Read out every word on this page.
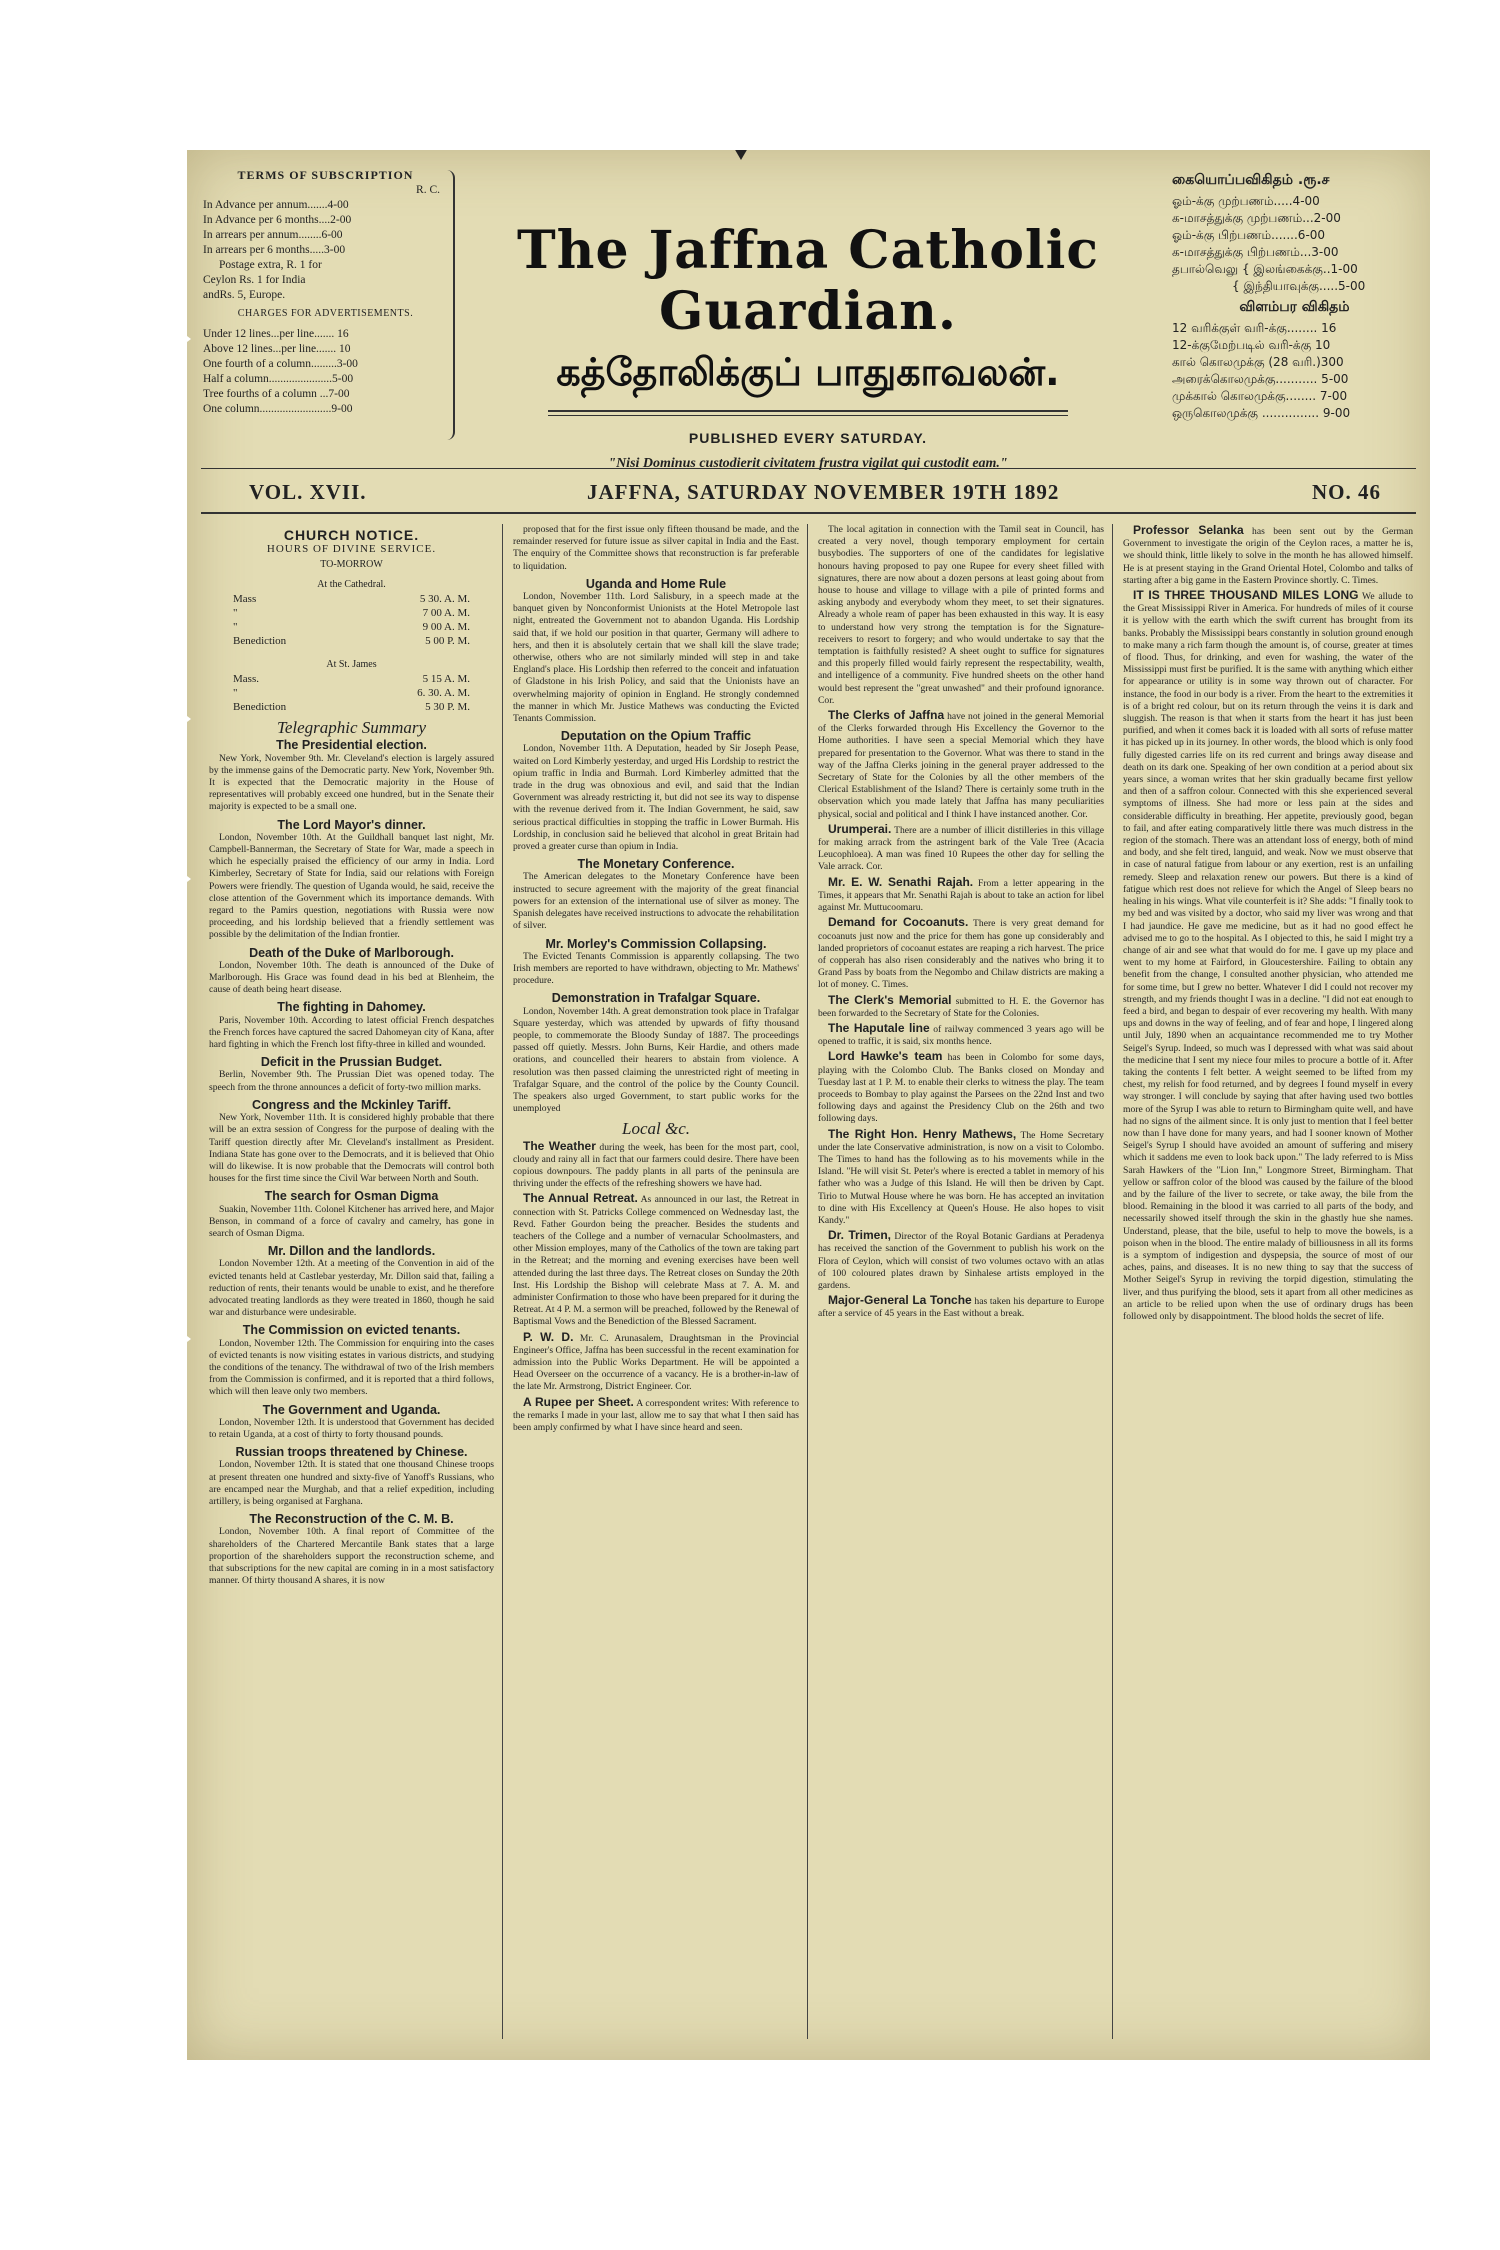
TERMS OF SUBSCRIPTION
R. C.
In Advance per annum.......4-00
In Advance per 6 months....2-00
In arrears per annum........6-00
In arrears per 6 months.....3-00
Postage extra, R. 1 for
Ceylon Rs. 1 for India
andRs. 5, Europe.
CHARGES FOR ADVERTISEMENTS.
Under 12 lines...per line....... 16
Above 12 lines...per line....... 10
One fourth of a column.........3-00
Half a column......................5-00
Tree fourths of a column ...7-00
One column.........................9-00
The Jaffna Catholic Guardian.
கத்தோலிக்குப் பாதுகாவலன்.
PUBLISHED EVERY SATURDAY.
"Nisi Dominus custodierit civitatem frustra vigilat qui custodit eam."
கையொப்பவிகிதம் .ரூ.ச
ஓம்-க்கு முற்பணம்.....4-00
க-மாசத்துக்கு முற்பணம்...2-00
ஓம்-க்கு பிற்பணம்.......6-00
க-மாசத்துக்கு பிற்பணம்...3-00
தபால்வெலு { இலங்கைக்கு..1-00
{ இந்தியாவுக்கு.....5-00
விளம்பர விகிதம்
12 வரிக்குள் வரி-க்கு........ 16
12-க்குமேற்படில் வரி-க்கு 10
கால் கொலமுக்கு (28 வரி.)300
அரைக்கொலமுக்கு........... 5-00
முக்கால் கொலமுக்கு........ 7-00
ஒருகொலமுக்கு ............... 9-00
VOL. XVII.	JAFFNA, SATURDAY NOVEMBER 19TH 1892	NO. 46
CHURCH NOTICE.
HOURS OF DIVINE SERVICE.
TO-MORROW
At the Cathedral.
Mass	5 30. A. M.
"	7 00 A. M.
"	9 00 A. M.
Benediction	5 00 P. M.
At St. James
Mass.	5 15 A. M.
"	6. 30. A. M.
Benediction	5 30 P. M.
Telegraphic Summary
The Presidential election.

New York, November 9th. Mr. Cleveland's election is largely assured by the immense gains of the Democratic party. New York, November 9th. It is expected that the Democratic majority in the House of representatives will probably exceed one hundred, but in the Senate their majority is expected to be a small one.

The Lord Mayor's dinner.

London, November 10th. At the Guildhall banquet last night, Mr. Campbell-Bannerman, the Secretary of State for War, made a speech in which he especially praised the efficiency of our army in India. Lord Kimberley, Secretary of State for India, said our relations with Foreign Powers were friendly. The question of Uganda would, he said, receive the close attention of the Government which its importance demands. With regard to the Pamirs question, negotiations with Russia were now proceeding, and his lordship believed that a friendly settlement was possible by the delimitation of the Indian frontier.

Death of the Duke of Marlborough.

London, November 10th. The death is announced of the Duke of Marlborough. His Grace was found dead in his bed at Blenheim, the cause of death being heart disease.

The fighting in Dahomey.

Paris, November 10th. According to latest official French despatches the French forces have captured the sacred Dahomeyan city of Kana, after hard fighting in which the French lost fifty-three in killed and wounded.

Deficit in the Prussian Budget.

Berlin, November 9th. The Prussian Diet was opened today. The speech from the throne announces a deficit of forty-two million marks.

Congress and the Mckinley Tariff.

New York, November 11th. It is considered highly probable that there will be an extra session of Congress for the purpose of dealing with the Tariff question directly after Mr. Cleveland's installment as President. Indiana State has gone over to the Democrats, and it is believed that Ohio will do likewise. It is now probable that the Democrats will control both houses for the first time since the Civil War between North and South.

The search for Osman Digma

Suakin, November 11th. Colonel Kitchener has arrived here, and Major Benson, in command of a force of cavalry and camelry, has gone in search of Osman Digma.

Mr. Dillon and the landlords.

London November 12th. At a meeting of the Convention in aid of the evicted tenants held at Castlebar yesterday, Mr. Dillon said that, failing a reduction of rents, their tenants would be unable to exist, and he therefore advocated treating landlords as they were treated in 1860, though he said war and disturbance were undesirable.

The Commission on evicted tenants.

London, November 12th. The Commission for enquiring into the cases of evicted tenants is now visiting estates in various districts, and studying the conditions of the tenancy. The withdrawal of two of the Irish members from the Commission is confirmed, and it is reported that a third follows, which will then leave only two members.

The Government and Uganda.

London, November 12th. It is understood that Government has decided to retain Uganda, at a cost of thirty to forty thousand pounds.

Russian troops threatened by Chinese.

London, November 12th. It is stated that one thousand Chinese troops at present threaten one hundred and sixty-five of Yanoff's Russians, who are encamped near the Murghab, and that a relief expedition, including artillery, is being organised at Farghana.

The Reconstruction of the C. M. B.

London, November 10th. A final report of Committee of the shareholders of the Chartered Mercantile Bank states that a large proportion of the shareholders support the reconstruction scheme, and that subscriptions for the new capital are coming in in a most satisfactory manner. Of thirty thousand A shares, it is now

proposed that for the first issue only fifteen thousand be made, and the remainder reserved for future issue as silver capital in India and the East. The enquiry of the Committee shows that reconstruction is far preferable to liquidation.

Uganda and Home Rule

London, November 11th. Lord Salisbury, in a speech made at the banquet given by Nonconformist Unionists at the Hotel Metropole last night, entreated the Government not to abandon Uganda. His Lordship said that, if we hold our position in that quarter, Germany will adhere to hers, and then it is absolutely certain that we shall kill the slave trade; otherwise, others who are not similarly minded will step in and take England's place. His Lordship then referred to the conceit and infatuation of Gladstone in his Irish Policy, and said that the Unionists have an overwhelming majority of opinion in England. He strongly condemned the manner in which Mr. Justice Mathews was conducting the Evicted Tenants Commission.

Deputation on the Opium Traffic

London, November 11th. A Deputation, headed by Sir Joseph Pease, waited on Lord Kimberly yesterday, and urged His Lordship to restrict the opium traffic in India and Burmah. Lord Kimberley admitted that the trade in the drug was obnoxious and evil, and said that the Indian Government was already restricting it, but did not see its way to dispense with the revenue derived from it. The Indian Government, he said, saw serious practical difficulties in stopping the traffic in Lower Burmah. His Lordship, in conclusion said he believed that alcohol in great Britain had proved a greater curse than opium in India.

The Monetary Conference.

The American delegates to the Monetary Conference have been instructed to secure agreement with the majority of the great financial powers for an extension of the international use of silver as money. The Spanish delegates have received instructions to advocate the rehabilitation of silver.

Mr. Morley's Commission Collapsing.

The Evicted Tenants Commission is apparently collapsing. The two Irish members are reported to have withdrawn, objecting to Mr. Mathews' procedure.

Demonstration in Trafalgar Square.

London, November 14th. A great demonstration took place in Trafalgar Square yesterday, which was attended by upwards of fifty thousand people, to commemorate the Bloody Sunday of 1887. The proceedings passed off quietly. Messrs. John Burns, Keir Hardie, and others made orations, and councelled their hearers to abstain from violence. A resolution was then passed claiming the unrestricted right of meeting in Trafalgar Square, and the control of the police by the County Council. The speakers also urged Government, to start public works for the unemployed

Local &c.

The Weather during the week, has been for the most part, cool, cloudy and rainy all in fact that our farmers could desire. There have been copious downpours. The paddy plants in all parts of the peninsula are thriving under the effects of the refreshing showers we have had.

The Annual Retreat. As announced in our last, the Retreat in connection with St. Patricks College commenced on Wednesday last, the Revd. Father Gourdon being the preacher. Besides the students and teachers of the College and a number of vernacular Schoolmasters, and other Mission employes, many of the Catholics of the town are taking part in the Retreat; and the morning and evening exercises have been well attended during the last three days. The Retreat closes on Sunday the 20th Inst. His Lordship the Bishop will celebrate Mass at 7. A. M. and administer Confirmation to those who have been prepared for it during the Retreat. At 4 P. M. a sermon will be preached, followed by the Renewal of Baptismal Vows and the Benediction of the Blessed Sacrament.

P. W. D. Mr. C. Arunasalem, Draughtsman in the Provincial Engineer's Office, Jaffna has been successful in the recent examination for admission into the Public Works Department. He will be appointed a Head Overseer on the occurrence of a vacancy. He is a brother-in-law of the late Mr. Armstrong, District Engineer. Cor.

A Rupee per Sheet. A correspondent writes: With reference to the remarks I made in your last, allow me to say that what I then said has been amply confirmed by what I have since heard and seen.

The local agitation in connection with the Tamil seat in Council, has created a very novel, though temporary employment for certain busybodies. The supporters of one of the candidates for legislative honours having proposed to pay one Rupee for every sheet filled with signatures, there are now about a dozen persons at least going about from house to house and village to village with a pile of printed forms and asking anybody and everybody whom they meet, to set their signatures. Already a whole ream of paper has been exhausted in this way. It is easy to understand how very strong the temptation is for the Signature-receivers to resort to forgery; and who would undertake to say that the temptation is faithfully resisted? A sheet ought to suffice for signatures and this properly filled would fairly represent the respectability, wealth, and intelligence of a community. Five hundred sheets on the other hand would best represent the "great unwashed" and their profound ignorance. Cor.

The Clerks of Jaffna have not joined in the general Memorial of the Clerks forwarded through His Excellency the Governor to the Home authorities. I have seen a special Memorial which they have prepared for presentation to the Governor. What was there to stand in the way of the Jaffna Clerks joining in the general prayer addressed to the Secretary of State for the Colonies by all the other members of the Clerical Establishment of the Island? There is certainly some truth in the observation which you made lately that Jaffna has many peculiarities physical, social and political and I think I have instanced another. Cor.

Urumperai. There are a number of illicit distilleries in this village for making arrack from the astringent bark of the Vale Tree (Acacia Leucophloea). A man was fined 10 Rupees the other day for selling the Vale arrack. Cor.

Mr. E. W. Senathi Rajah. From a letter appearing in the Times, it appears that Mr. Senathi Rajah is about to take an action for libel against Mr. Muttucoomaru.

Demand for Cocoanuts. There is very great demand for cocoanuts just now and the price for them has gone up considerably and landed proprietors of cocoanut estates are reaping a rich harvest. The price of copperah has also risen considerably and the natives who bring it to Grand Pass by boats from the Negombo and Chilaw districts are making a lot of money. C. Times.

The Clerk's Memorial submitted to H. E. the Governor has been forwarded to the Secretary of State for the Colonies.

The Haputale line of railway commenced 3 years ago will be opened to traffic, it is said, six months hence.

Lord Hawke's team has been in Colombo for some days, playing with the Colombo Club. The Banks closed on Monday and Tuesday last at 1 P. M. to enable their clerks to witness the play. The team proceeds to Bombay to play against the Parsees on the 22nd Inst and two following days and against the Presidency Club on the 26th and two following days.

The Right Hon. Henry Mathews, The Home Secretary under the late Conservative administration, is now on a visit to Colombo. The Times to hand has the following as to his movements while in the Island. "He will visit St. Peter's where is erected a tablet in memory of his father who was a Judge of this Island. He will then be driven by Capt. Tirio to Mutwal House where he was born. He has accepted an invitation to dine with His Excellency at Queen's House. He also hopes to visit Kandy."

Dr. Trimen, Director of the Royal Botanic Gardians at Peradenya has received the sanction of the Government to publish his work on the Flora of Ceylon, which will consist of two volumes octavo with an atlas of 100 coloured plates drawn by Sinhalese artists employed in the gardens.

Major-General La Tonche has taken his departure to Europe after a service of 45 years in the East without a break.

Professor Selanka has been sent out by the German Government to investigate the origin of the Ceylon races, a matter he is, we should think, little likely to solve in the month he has allowed himself. He is at present staying in the Grand Oriental Hotel, Colombo and talks of starting after a big game in the Eastern Province shortly. C. Times.

IT IS THREE THOUSAND MILES LONG We allude to the Great Mississippi River in America. For hundreds of miles of it course it is yellow with the earth which the swift current has brought from its banks. Probably the Mississippi bears constantly in solution ground enough to make many a rich farm though the amount is, of course, greater at times of flood. Thus, for drinking, and even for washing, the water of the Mississippi must first be purified. It is the same with anything which either for appearance or utility is in some way thrown out of character. For instance, the food in our body is a river. From the heart to the extremities it is of a bright red colour, but on its return through the veins it is dark and sluggish. The reason is that when it starts from the heart it has just been purified, and when it comes back it is loaded with all sorts of refuse matter it has picked up in its journey. In other words, the blood which is only food fully digested carries life on its red current and brings away disease and death on its dark one. Speaking of her own condition at a period about six years since, a woman writes that her skin gradually became first yellow and then of a saffron colour. Connected with this she experienced several symptoms of illness. She had more or less pain at the sides and considerable difficulty in breathing. Her appetite, previously good, began to fail, and after eating comparatively little there was much distress in the region of the stomach. There was an attendant loss of energy, both of mind and body, and she felt tired, languid, and weak. Now we must observe that in case of natural fatigue from labour or any exertion, rest is an unfailing remedy. Sleep and relaxation renew our powers. But there is a kind of fatigue which rest does not relieve for which the Angel of Sleep bears no healing in his wings. What vile counterfeit is it? She adds: "I finally took to my bed and was visited by a doctor, who said my liver was wrong and that I had jaundice. He gave me medicine, but as it had no good effect he advised me to go to the hospital. As I objected to this, he said I might try a change of air and see what that would do for me. I gave up my place and went to my home at Fairford, in Gloucestershire. Failing to obtain any benefit from the change, I consulted another physician, who attended me for some time, but I grew no better. Whatever I did I could not recover my strength, and my friends thought I was in a decline. "I did not eat enough to feed a bird, and began to despair of ever recovering my health. With many ups and downs in the way of feeling, and of fear and hope, I lingered along until July, 1890 when an acquaintance recommended me to try Mother Seigel's Syrup. Indeed, so much was I depressed with what was said about the medicine that I sent my niece four miles to procure a bottle of it. After taking the contents I felt better. A weight seemed to be lifted from my chest, my relish for food returned, and by degrees I found myself in every way stronger. I will conclude by saying that after having used two bottles more of the Syrup I was able to return to Birmingham quite well, and have had no signs of the ailment since. It is only just to mention that I feel better now than I have done for many years, and had I sooner known of Mother Seigel's Syrup I should have avoided an amount of suffering and misery which it saddens me even to look back upon." The lady referred to is Miss Sarah Hawkers of the "Lion Inn," Longmore Street, Birmingham. That yellow or saffron color of the blood was caused by the failure of the blood and by the failure of the liver to secrete, or take away, the bile from the blood. Remaining in the blood it was carried to all parts of the body, and necessarily showed itself through the skin in the ghastly hue she names. Understand, please, that the bile, useful to help to move the bowels, is a poison when in the blood. The entire malady of billiousness in all its forms is a symptom of indigestion and dyspepsia, the source of most of our aches, pains, and diseases. It is no new thing to say that the success of Mother Seigel's Syrup in reviving the torpid digestion, stimulating the liver, and thus purifying the blood, sets it apart from all other medicines as an article to be relied upon when the use of ordinary drugs has been followed only by disappointment. The blood holds the secret of life.
